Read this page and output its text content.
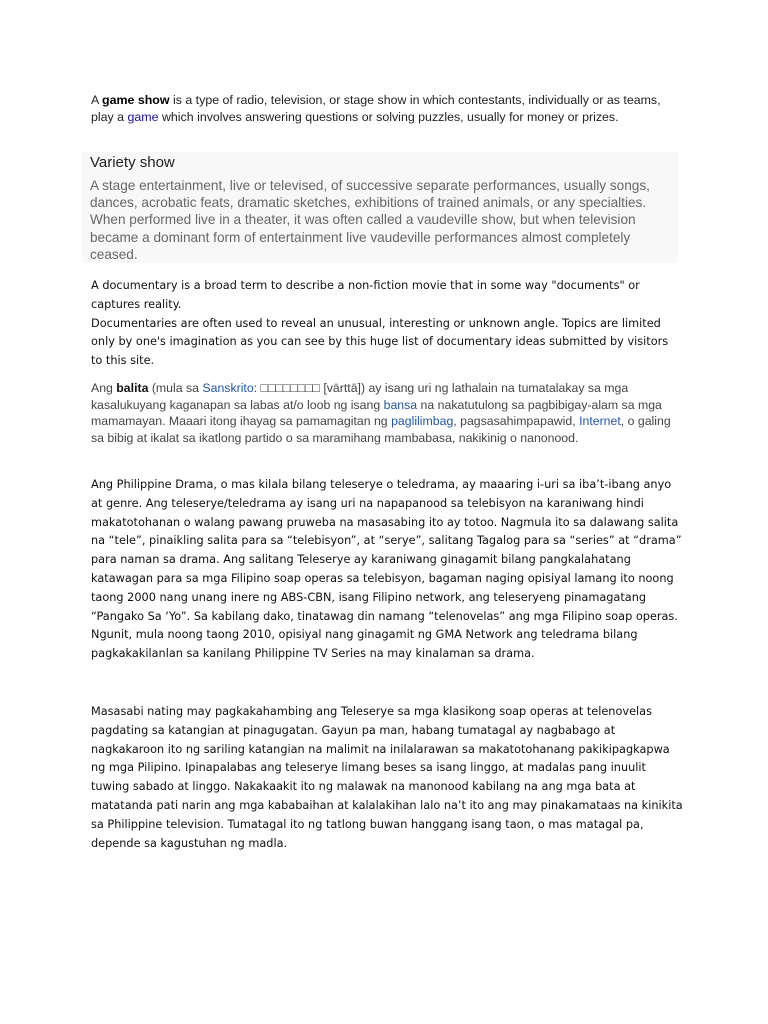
A game show is a type of radio, television, or stage show in which contestants, individually or as teams, play a game which involves answering questions or solving puzzles, usually for money or prizes.
Variety show

A stage entertainment, live or televised, of successive separate performances, usually songs, dances, acrobatic feats, dramatic sketches, exhibitions of trained animals, or any specialties. When performed live in a theater, it was often called a vaudeville show, but when television became a dominant form of entertainment live vaudeville performances almost completely ceased.

A documentary is a broad term to describe a non-fiction movie that in some way "documents" or captures reality.

Documentaries are often used to reveal an unusual, interesting or unknown angle. Topics are limited only by one's imagination as you can see by this huge list of documentary ideas submitted by visitors to this site.

Ang balita (mula sa Sanskrito: □□□□□□□□ [vārttā]) ay isang uri ng lathalain na tumatalakay sa mga kasalukuyang kaganapan sa labas at/o loob ng isang bansa na nakatutulong sa pagbibigay-alam sa mga mamamayan. Maaari itong ihayag sa pamamagitan ng paglilimbag, pagsasahimpapawid, Internet, o galing sa bibig at ikalat sa ikatlong partido o sa maramihang mambabasa, nakikinig o nanonood.

Ang Philippine Drama, o mas kilala bilang teleserye o teledrama, ay maaaring i-uri sa iba’t-ibang anyo at genre. Ang teleserye/teledrama ay isang uri na napapanood sa telebisyon na karaniwang hindi makatotohanan o walang pawang pruweba na masasabing ito ay totoo. Nagmula ito sa dalawang salita na “tele”, pinaikling salita para sa “telebisyon”, at “serye”, salitang Tagalog para sa “series” at “drama” para naman sa drama. Ang salitang Teleserye ay karaniwang ginagamit bilang pangkalahatang katawagan para sa mga Filipino soap operas sa telebisyon, bagaman naging opisiyal lamang ito noong taong 2000 nang unang inere ng ABS-CBN, isang Filipino network, ang teleseryeng pinamagatang “Pangako Sa ‘Yo”. Sa kabilang dako, tinatawag din namang “telenovelas” ang mga Filipino soap operas. Ngunit, mula noong taong 2010, opisiyal nang ginagamit ng GMA Network ang teledrama bilang pagkakakilanlan sa kanilang Philippine TV Series na may kinalaman sa drama.

Masasabi nating may pagkakahambing ang Teleserye sa mga klasikong soap operas at telenovelas pagdating sa katangian at pinagugatan. Gayun pa man, habang tumatagal ay nagbabago at nagkakaroon ito ng sariling katangian na malimit na inilalarawan sa makatotohanang pakikipagkapwa ng mga Pilipino. Ipinapalabas ang teleserye limang beses sa isang linggo, at madalas pang inuulit tuwing sabado at linggo. Nakakaakit ito ng malawak na manonood kabilang na ang mga bata at matatanda pati narin ang mga kababaihan at kalalakihan lalo na’t ito ang may pinakamataas na kinikita sa Philippine television. Tumatagal ito ng tatlong buwan hanggang isang taon, o mas matagal pa, depende sa kagustuhan ng madla.
